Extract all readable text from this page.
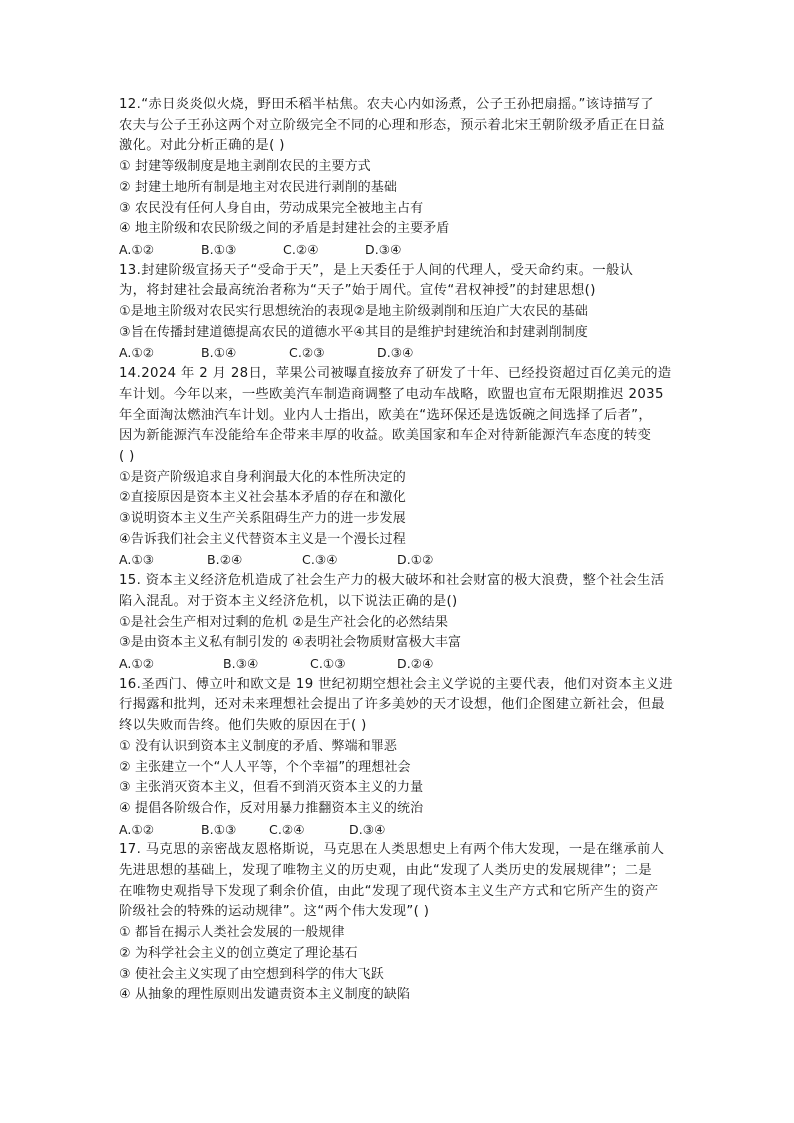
12.“赤日炎炎似火烧，野田禾稻半枯焦。农夫心内如汤煮，公子王孙把扇摇。”该诗描写了
农夫与公子王孙这两个对立阶级完全不同的心理和形态，预示着北宋王朝阶级矛盾正在日益
激化。对此分析正确的是( )
① 封建等级制度是地主剥削农民的主要方式
② 封建土地所有制是地主对农民进行剥削的基础
③ 农民没有任何人身自由，劳动成果完全被地主占有
④ 地主阶级和农民阶级之间的矛盾是封建社会的主要矛盾
A.①②	B.①③	C.②④	D.③④
13.封建阶级宣扬天子“受命于天”，是上天委任于人间的代理人，受天命约束。一般认
为，将封建社会最高统治者称为“天子”始于周代。宣传“君权神授”的封建思想()
①是地主阶级对农民实行思想统治的表现②是地主阶级剥削和压迫广大农民的基础
③旨在传播封建道德提高农民的道德水平④其目的是维护封建统治和封建剥削制度
A.①②	B.①④	C.②③	D.③④
14.2024 年 2 月 28日，苹果公司被曝直接放弃了研发了十年、已经投资超过百亿美元的造
车计划。今年以来，一些欧美汽车制造商调整了电动车战略，欧盟也宣布无限期推迟 2035
年全面淘汰燃油汽车计划。业内人士指出，欧美在“选环保还是选饭碗之间选择了后者”，
因为新能源汽车没能给车企带来丰厚的收益。欧美国家和车企对待新能源汽车态度的转变
( )
①是资产阶级追求自身利润最大化的本性所决定的
②直接原因是资本主义社会基本矛盾的存在和激化
③说明资本主义生产关系阻碍生产力的进一步发展
④告诉我们社会主义代替资本主义是一个漫长过程
A.①③	B.②④	C.③④	D.①②
15. 资本主义经济危机造成了社会生产力的极大破坏和社会财富的极大浪费，整个社会生活
陷入混乱。对于资本主义经济危机，以下说法正确的是()
①是社会生产相对过剩的危机 ②是生产社会化的必然结果
③是由资本主义私有制引发的 ④表明社会物质财富极大丰富
A.①②	B.③④	C.①③	D.②④
16.圣西门、傅立叶和欧文是 19 世纪初期空想社会主义学说的主要代表，他们对资本主义进
行揭露和批判，还对未来理想社会提出了许多美妙的天才设想，他们企图建立新社会，但最
终以失败而告终。他们失败的原因在于( )
① 没有认识到资本主义制度的矛盾、弊端和罪恶
② 主张建立一个“人人平等，个个幸福”的理想社会
③ 主张消灭资本主义，但看不到消灭资本主义的力量
④ 提倡各阶级合作，反对用暴力推翻资本主义的统治
A.①②	B.①③	C.②④	D.③④
17. 马克思的亲密战友恩格斯说，马克思在人类思想史上有两个伟大发现，一是在继承前人
先进思想的基础上，发现了唯物主义的历史观，由此“发现了人类历史的发展规律”；二是
在唯物史观指导下发现了剩余价值，由此“发现了现代资本主义生产方式和它所产生的资产
阶级社会的特殊的运动规律”。这“两个伟大发现”( )
① 都旨在揭示人类社会发展的一般规律
② 为科学社会主义的创立奠定了理论基石
③ 使社会主义实现了由空想到科学的伟大飞跃
④ 从抽象的理性原则出发谴责资本主义制度的缺陷
